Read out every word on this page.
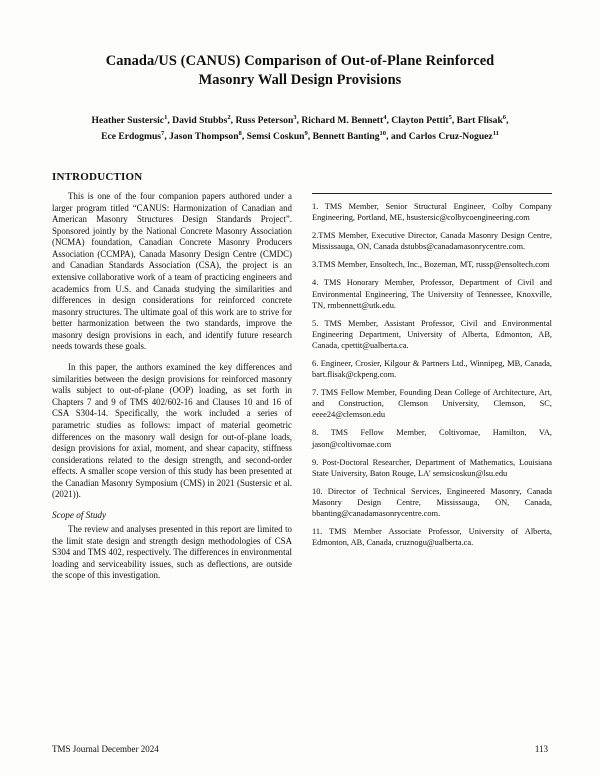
Canada/US (CANUS) Comparison of Out-of-Plane Reinforced
Masonry Wall Design Provisions
Heather Sustersic$^1$, David Stubbs$^2$, Russ Peterson$^3$, Richard M. Bennett$^4$, Clayton Pettit$^5$, Bart Flisak$^6$,
Ece Erdogmus$^7$, Jason Thompson$^8$, Semsi Coskun$^9$, Bennett Banting$^{10}$, and Carlos Cruz-Noguez$^{11}$
INTRODUCTION

This is one of the four companion papers authored under a larger program titled “CANUS: Harmonization of Canadian and American Masonry Structures Design Standards Project”. Sponsored jointly by the National Concrete Masonry Association (NCMA) foundation, Canadian Concrete Masonry Producers Association (CCMPA), Canada Masonry Design Centre (CMDC) and Canadian Standards Association (CSA), the project is an extensive collaborative work of a team of practicing engineers and academics from U.S. and Canada studying the similarities and differences in design considerations for reinforced concrete masonry structures. The ultimate goal of this work are to strive for better harmonization between the two standards, improve the masonry design provisions in each, and identify future research needs towards these goals.

In this paper, the authors examined the key differences and similarities between the design provisions for reinforced masonry walls subject to out-of-plane (OOP) loading, as set forth in Chapters 7 and 9 of TMS 402/602-16 and Clauses 10 and 16 of CSA S304-14. Specifically, the work included a series of parametric studies as follows: impact of material geometric differences on the masonry wall design for out-of-plane loads, design provisions for axial, moment, and shear capacity, stiffness considerations related to the design strength, and second-order effects. A smaller scope version of this study has been presented at the Canadian Masonry Symposium (CMS) in 2021 (Sustersic et al. (2021)).

Scope of Study

The review and analyses presented in this report are limited to the limit state design and strength design methodologies of CSA S304 and TMS 402, respectively. The differences in environmental loading and serviceability issues, such as deflections, are outside the scope of this investigation.

1. TMS Member, Senior Structural Engineer, Colby Company Engineering, Portland, ME, hsustersic@colbycoengineering.com

2.TMS Member, Executive Director, Canada Masonry Design Centre, Mississauga, ON, Canada dstubbs@canadamasonrycentre.com.

3.TMS Member, Ensoltech, Inc., Bozeman, MT, russp@ensoltech.com

4. TMS Honorary Member, Professor, Department of Civil and Environmental Engineering, The University of Tennessee, Knoxville, TN, rmbennett@utk.edu.

5. TMS Member, Assistant Professor, Civil and Environmental Engineering Department, University of Alberta, Edmonton, AB, Canada, cpettit@ualberta.ca.

6. Engineer, Crosier, Kilgour & Partners Ltd., Winnipeg, MB, Canada, bart.flisak@ckpeng.com.

7. TMS Fellow Member, Founding Dean College of Architecture, Art, and Construction, Clemson University, Clemson, SC, eeee24@clemson.edu

8. TMS Fellow Member, Coltivomae, Hamilton, VA, jason@coltivomae.com

9. Post-Doctoral Researcher, Department of Mathematics, Louisiana State University, Baton Rouge, LA' semsicoskun@lsu.edu

10. Director of Technical Services, Engineered Masonry, Canada Masonry Design Centre, Mississauga, ON, Canada, bbanting@canadamasonrycentre.com.

11. TMS Member Associate Professor, University of Alberta, Edmonton, AB, Canada, cruznogu@ualberta.ca.

TMS Journal December 2024	113
